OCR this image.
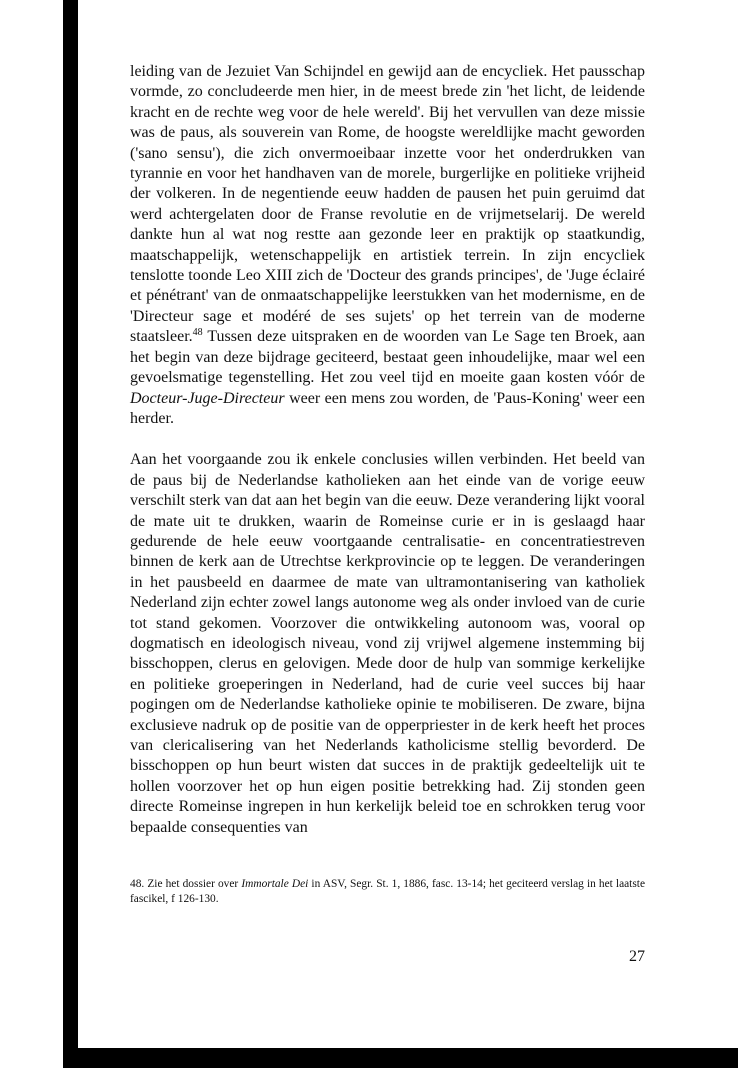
leiding van de Jezuiet Van Schijndel en gewijd aan de encycliek. Het pausschap vormde, zo concludeerde men hier, in de meest brede zin 'het licht, de leidende kracht en de rechte weg voor de hele wereld'. Bij het vervullen van deze missie was de paus, als souverein van Rome, de hoogste wereldlijke macht geworden ('sano sensu'), die zich onvermoeibaar inzette voor het onderdrukken van tyrannie en voor het handhaven van de morele, burgerlijke en politieke vrijheid der volkeren. In de negentiende eeuw hadden de pausen het puin geruimd dat werd achtergelaten door de Franse revolutie en de vrijmetselarij. De wereld dankte hun al wat nog restte aan gezonde leer en praktijk op staatkundig, maatschappelijk, wetenschappelijk en artistiek terrein. In zijn encycliek tenslotte toonde Leo XIII zich de 'Docteur des grands principes', de 'Juge éclairé et pénétrant' van de onmaatschappelijke leerstukken van het modernisme, en de 'Directeur sage et modéré de ses sujets' op het terrein van de moderne staatsleer.$^{48}$ Tussen deze uitspraken en de woorden van Le Sage ten Broek, aan het begin van deze bijdrage geciteerd, bestaat geen inhoudelijke, maar wel een gevoelsmatige tegenstelling. Het zou veel tijd en moeite gaan kosten vóór de Docteur-Juge-Directeur weer een mens zou worden, de 'Paus-Koning' weer een herder.

Aan het voorgaande zou ik enkele conclusies willen verbinden. Het beeld van de paus bij de Nederlandse katholieken aan het einde van de vorige eeuw verschilt sterk van dat aan het begin van die eeuw. Deze verandering lijkt vooral de mate uit te drukken, waarin de Romeinse curie er in is geslaagd haar gedurende de hele eeuw voortgaande centralisatie- en concentratiestreven binnen de kerk aan de Utrechtse kerkprovincie op te leggen. De veranderingen in het pausbeeld en daarmee de mate van ultramontanisering van katholiek Nederland zijn echter zowel langs autonome weg als onder invloed van de curie tot stand gekomen. Voorzover die ontwikkeling autonoom was, vooral op dogmatisch en ideologisch niveau, vond zij vrijwel algemene instemming bij bisschoppen, clerus en gelovigen. Mede door de hulp van sommige kerkelijke en politieke groeperingen in Nederland, had de curie veel succes bij haar pogingen om de Nederlandse katholieke opinie te mobiliseren. De zware, bijna exclusieve nadruk op de positie van de opperpriester in de kerk heeft het proces van clericalisering van het Nederlands katholicisme stellig bevorderd. De bisschoppen op hun beurt wisten dat succes in de praktijk gedeeltelijk uit te hollen voorzover het op hun eigen positie betrekking had. Zij stonden geen directe Romeinse ingrepen in hun kerkelijk beleid toe en schrokken terug voor bepaalde consequenties van

48. Zie het dossier over Immortale Dei in ASV, Segr. St. 1, 1886, fasc. 13-14; het geciteerd verslag in het laatste fascikel, f 126-130.

27
